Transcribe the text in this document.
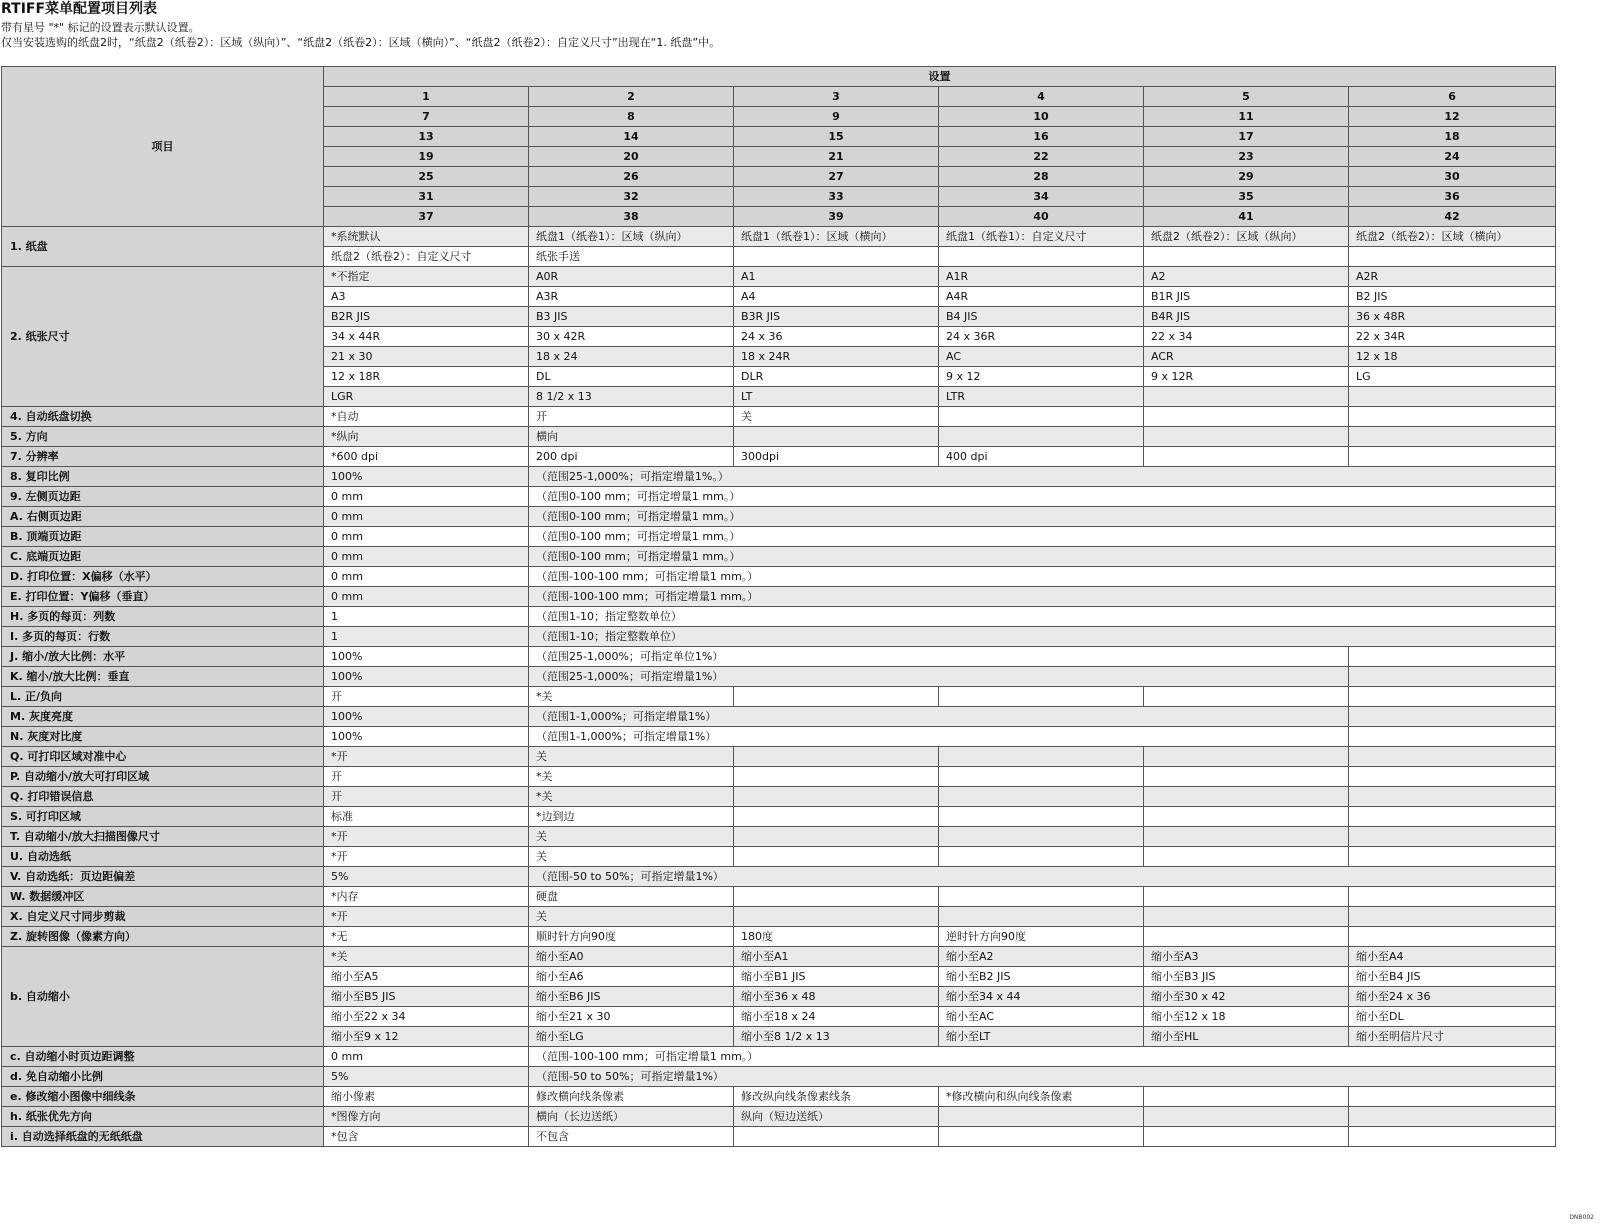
RTIFF菜单配置项目列表
带有星号 "*" 标记的设置表示默认设置。
仅当安装选购的纸盘2时，“纸盘2（纸卷2）：区域（纵向）”、“纸盘2（纸卷2）：区域（横向）”、“纸盘2（纸卷2）：自定义尺寸”出现在“1. 纸盘”中。
项目	设置					
	1	2	3	4	5	6
	7	8	9	10	11	12
	13	14	15	16	17	18
	19	20	21	22	23	24
	25	26	27	28	29	30
	31	32	33	34	35	36
	37	38	39	40	41	42
1. 纸盘	*系统默认	纸盘1（纸卷1）：区域（纵向）	纸盘1（纸卷1）：区域（横向）	纸盘1（纸卷1）：自定义尺寸	纸盘2（纸卷2）：区域（纵向）	纸盘2（纸卷2）：区域（横向）
	纸盘2（纸卷2）：自定义尺寸	纸张手送				
2. 纸张尺寸	*不指定	A0R	A1	A1R	A2	A2R
	A3	A3R	A4	A4R	B1R JIS	B2 JIS
	B2R JIS	B3 JIS	B3R JIS	B4 JIS	B4R JIS	36 x 48R
	34 x 44R	30 x 42R	24 x 36	24 x 36R	22 x 34	22 x 34R
	21 x 30	18 x 24	18 x 24R	AC	ACR	12 x 18
	12 x 18R	DL	DLR	9 x 12	9 x 12R	LG
	LGR	8 1/2 x 13	LT	LTR		
4. 自动纸盘切换	*自动	开	关			
5. 方向	*纵向	横向				
7. 分辨率	*600 dpi	200 dpi	300dpi	400 dpi		
8. 复印比例	100%	（范围25-1,000%；可指定增量1%。）				
9. 左侧页边距	0 mm	（范围0-100 mm；可指定增量1 mm。）				
A. 右侧页边距	0 mm	（范围0-100 mm；可指定增量1 mm。）				
B. 顶端页边距	0 mm	（范围0-100 mm；可指定增量1 mm。）				
C. 底端页边距	0 mm	（范围0-100 mm；可指定增量1 mm。）				
D. 打印位置：X偏移（水平）	0 mm	（范围-100-100 mm；可指定增量1 mm。）				
E. 打印位置：Y偏移（垂直）	0 mm	（范围-100-100 mm；可指定增量1 mm。）				
H. 多页的每页：列数	1	（范围1-10；指定整数单位）				
I. 多页的每页：行数	1	（范围1-10；指定整数单位）				
J. 缩小/放大比例：水平	100%	（范围25-1,000%；可指定单位1%）				
K. 缩小/放大比例：垂直	100%	（范围25-1,000%；可指定增量1%）				
L. 正/负向	开	*关				
M. 灰度亮度	100%	（范围1-1,000%；可指定增量1%）				
N. 灰度对比度	100%	（范围1-1,000%；可指定增量1%）				
Q. 可打印区域对准中心	*开	关				
P. 自动缩小/放大可打印区域	开	*关				
Q. 打印错误信息	开	*关				
S. 可打印区域	标准	*边到边				
T. 自动缩小/放大扫描图像尺寸	*开	关				
U. 自动选纸	*开	关				
V. 自动选纸：页边距偏差	5%	（范围-50 to 50%；可指定增量1%）				
W. 数据缓冲区	*内存	硬盘				
X. 自定义尺寸同步剪裁	*开	关				
Z. 旋转图像（像素方向）	*无	顺时针方向90度	180度	逆时针方向90度		
b. 自动缩小	*关	缩小至A0	缩小至A1	缩小至A2	缩小至A3	缩小至A4
	缩小至A5	缩小至A6	缩小至B1 JIS	缩小至B2 JIS	缩小至B3 JIS	缩小至B4 JIS
	缩小至B5 JIS	缩小至B6 JIS	缩小至36 x 48	缩小至34 x 44	缩小至30 x 42	缩小至24 x 36
	缩小至22 x 34	缩小至21 x 30	缩小至18 x 24	缩小至AC	缩小至12 x 18	缩小至DL
	缩小至9 x 12	缩小至LG	缩小至8 1/2 x 13	缩小至LT	缩小至HL	缩小至明信片尺寸
c. 自动缩小时页边距调整	0 mm	（范围-100-100 mm；可指定增量1 mm。）				
d. 免自动缩小比例	5%	（范围-50 to 50%；可指定增量1%）				
e. 修改缩小图像中细线条	缩小像素	修改横向线条像素	修改纵向线条像素线条	*修改横向和纵向线条像素		
h. 纸张优先方向	*图像方向	横向（长边送纸）	纵向（短边送纸）			
i. 自动选择纸盘的无纸纸盘	*包含	不包含				
DNB002
